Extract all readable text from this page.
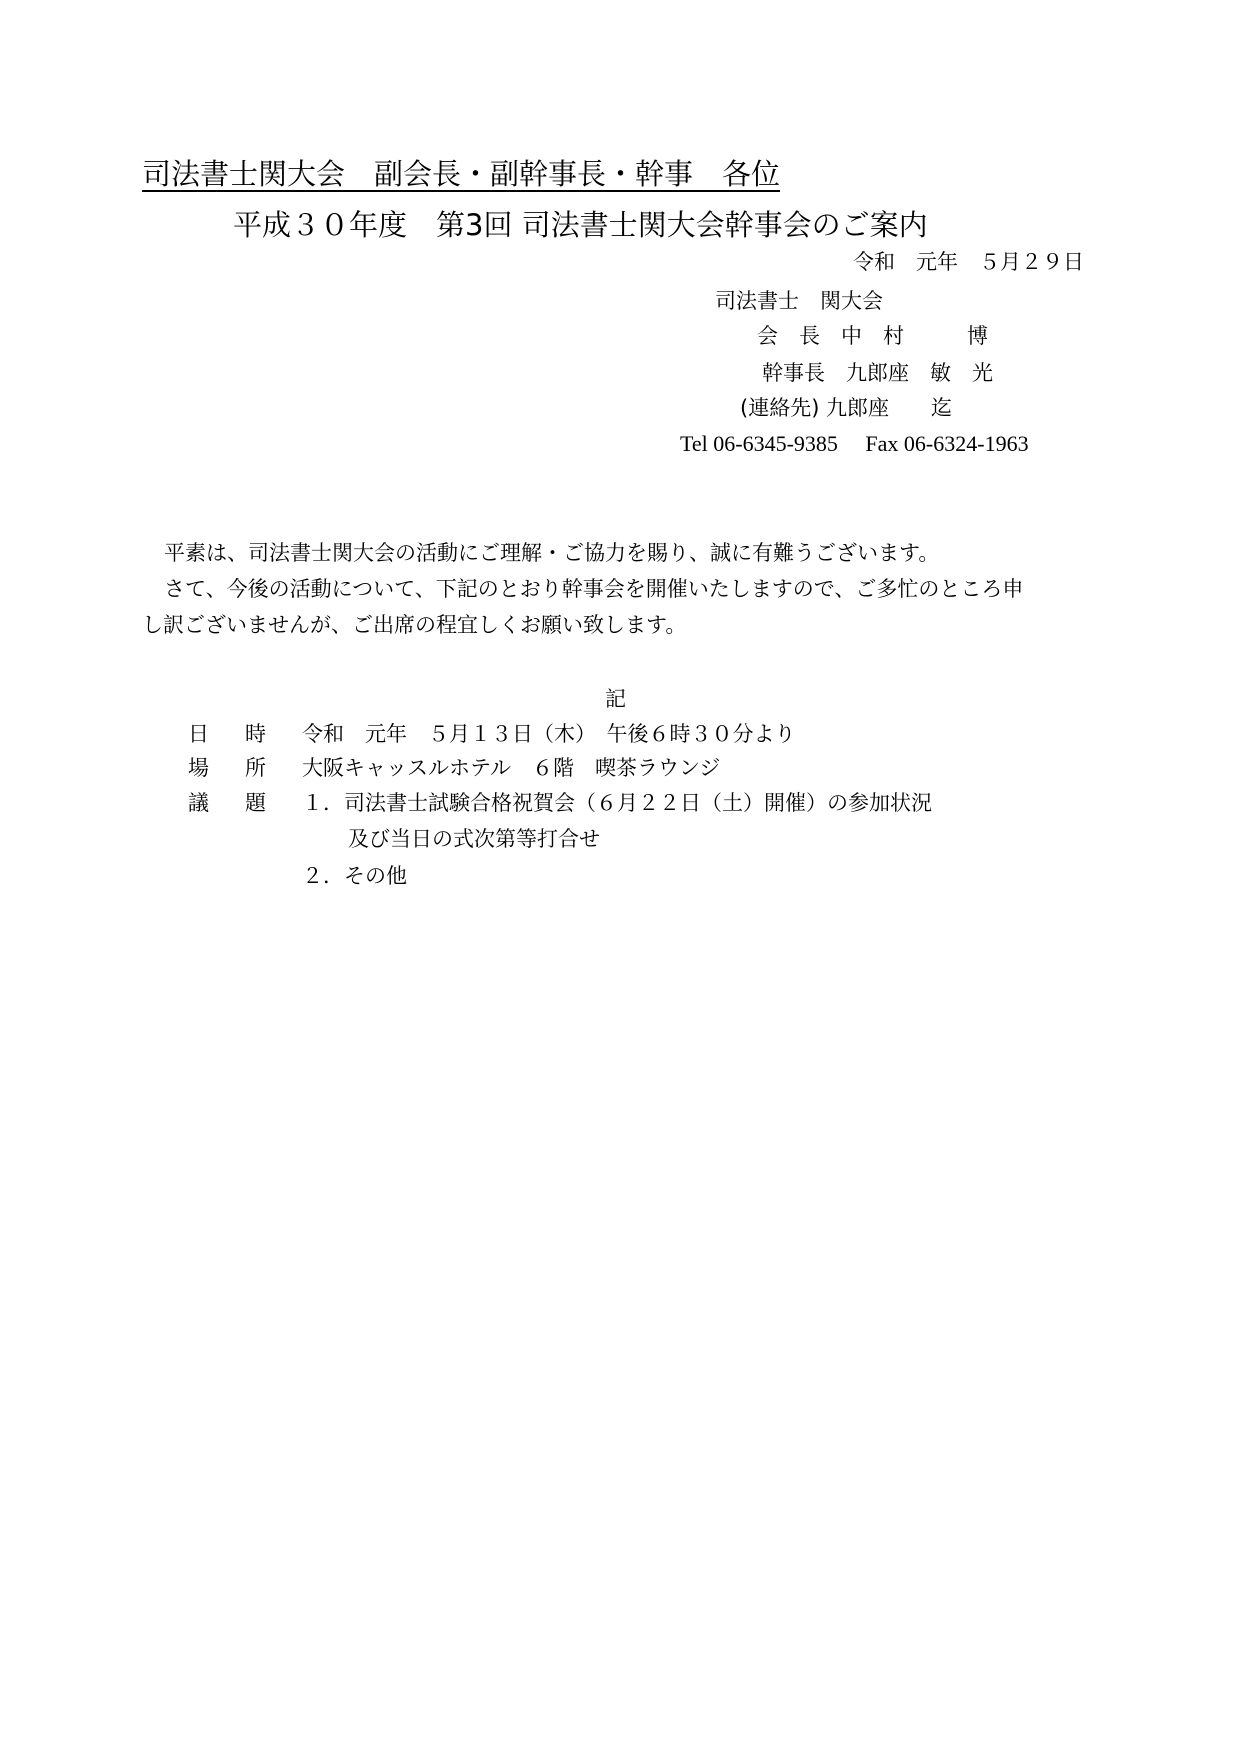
司法書士関大会　副会長・副幹事長・幹事　各位
平成３０年度　第3回 司法書士関大会幹事会のご案内
令和　元年　５月２９日
司法書士　関大会
会　長　中　村　　　博
幹事長　九郎座　敏　光
(連絡先) 九郎座　　迄
Tel 06-6345-9385　 Fax 06-6324-1963
平素は、司法書士関大会の活動にご理解・ご協力を賜り、誠に有難うございます。
さて、今後の活動について、下記のとおり幹事会を開催いたしますので、ご多忙のところ申
し訳ございませんが、ご出席の程宜しくお願い致します。
記
日 時 令和　元年　５月１３日（木）　午後６時３０分より
場 所 大阪キャッスルホテル　６階　喫茶ラウンジ
議 題 １．司法書士試験合格祝賀会（６月２２日（土）開催）の参加状況
及び当日の式次第等打合せ
２．その他
